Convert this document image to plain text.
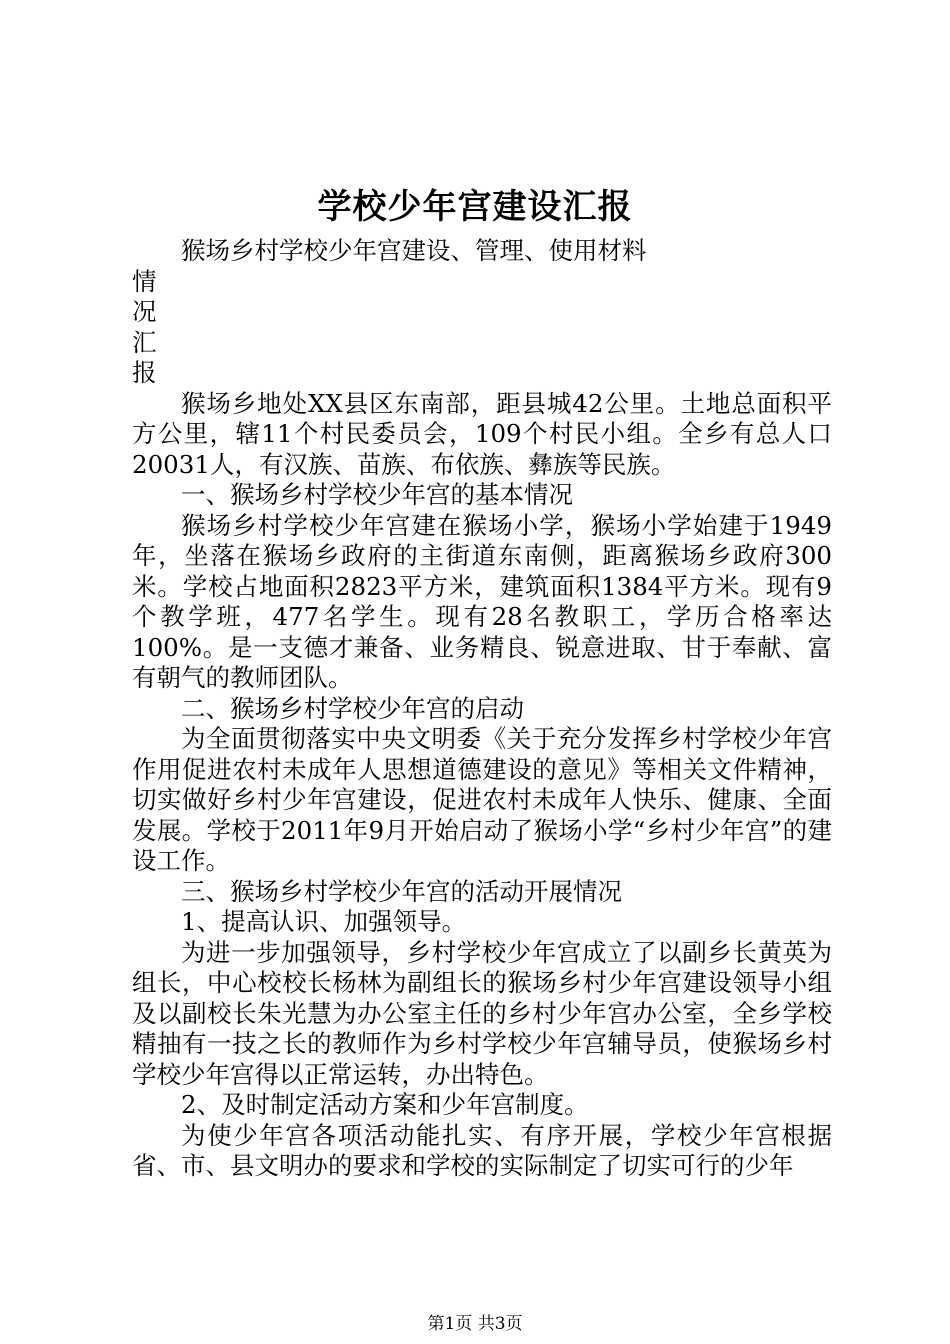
学校少年宫建设汇报

猴场乡村学校少年宫建设、管理、使用材料

情

况

汇

报

猴场乡地处XX县区东南部，距县城42公里。土地总面积平方公里，辖11个村民委员会，109个村民小组。全乡有总人口20031人，有汉族、苗族、布依族、彝族等民族。

一、猴场乡村学校少年宫的基本情况

猴场乡村学校少年宫建在猴场小学，猴场小学始建于1949年，坐落在猴场乡政府的主街道东南侧，距离猴场乡政府300米。学校占地面积2823平方米，建筑面积1384平方米。现有9个教学班，477名学生。现有28名教职工，学历合格率达100%。是一支德才兼备、业务精良、锐意进取、甘于奉献、富有朝气的教师团队。

二、猴场乡村学校少年宫的启动

为全面贯彻落实中央文明委《关于充分发挥乡村学校少年宫作用促进农村未成年人思想道德建设的意见》等相关文件精神，切实做好乡村少年宫建设，促进农村未成年人快乐、健康、全面发展。学校于2011年9月开始启动了猴场小学“乡村少年宫”的建设工作。

三、猴场乡村学校少年宫的活动开展情况

1、提高认识、加强领导。

为进一步加强领导，乡村学校少年宫成立了以副乡长黄英为组长，中心校校长杨林为副组长的猴场乡村少年宫建设领导小组及以副校长朱光慧为办公室主任的乡村少年宫办公室，全乡学校精抽有一技之长的教师作为乡村学校少年宫辅导员，使猴场乡村学校少年宫得以正常运转，办出特色。

2、及时制定活动方案和少年宫制度。

为使少年宫各项活动能扎实、有序开展，学校少年宫根据省、市、县文明办的要求和学校的实际制定了切实可行的少年

第1页 共3页
